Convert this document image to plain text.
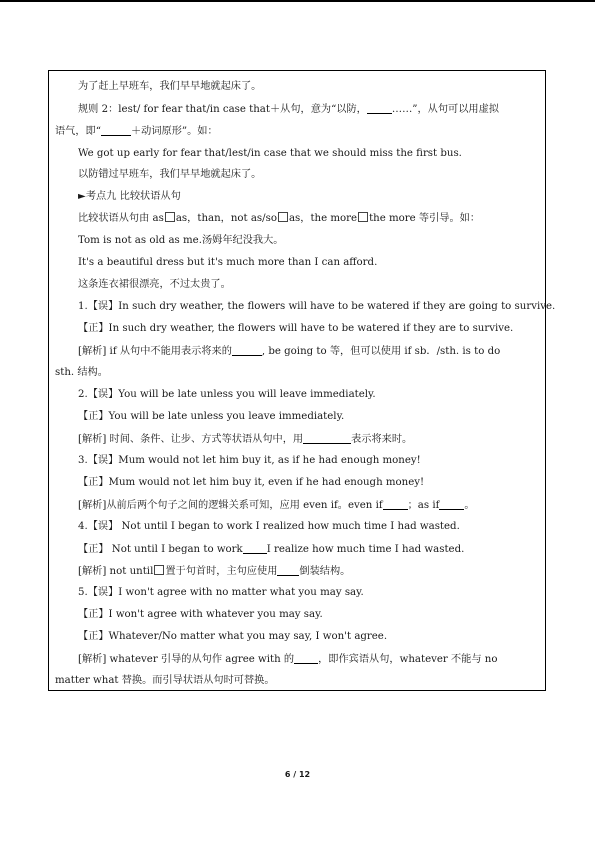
为了赶上早班车，我们早早地就起床了。
规则 2：lest/ for fear that/in case that＋从句，意为“以防， ……”，从句可以用虚拟
语气，即“	＋动词原形”。如：
We got up early for fear that/lest/in case that we should miss the first bus.
以防错过早班车，我们早早地就起床了。
►考点九 比较状语从句
比较状语从句由 as as，than，not as/so as，the more the more 等引导。如：
Tom is not as old as me.汤姆年纪没我大。
It's a beautiful dress but it's much more than I can afford.
这条连衣裙很漂亮，不过太贵了。
1.【误】In such dry weather, the flowers will have to be watered if they are going to survive.
【正】In such dry weather, the flowers will have to be watered if they are to survive.
[解析] if 从句中不能用表示将来的	, be going to 等，但可以使用 if sb．/sth. is to do
sth. 结构。
2.【误】You will be late unless you will leave immediately.
【正】You will be late unless you leave immediately.
[解析] 时间、条件、让步、方式等状语从句中，用	表示将来时。
3.【误】Mum would not let him buy it, as if he had enough money!
【正】Mum would not let him buy it, even if he had enough money!
[解析]从前后两个句子之间的逻辑关系可知，应用 even if。even if ；as if 。
4.【误】 Not until I began to work I realized how much time I had wasted.
【正】 Not until I began to work I realize how much time I had wasted.
[解析] not until 置于句首时，主句应使用 倒装结构。
5.【误】I won't agree with no matter what you may say.
【正】I won't agree with whatever you may say.
【正】Whatever/No matter what you may say, I won't agree.
[解析] whatever 引导的从句作 agree with 的 ，即作宾语从句，whatever 不能与 no
matter what 替换。而引导状语从句时可替换。
6 / 12
